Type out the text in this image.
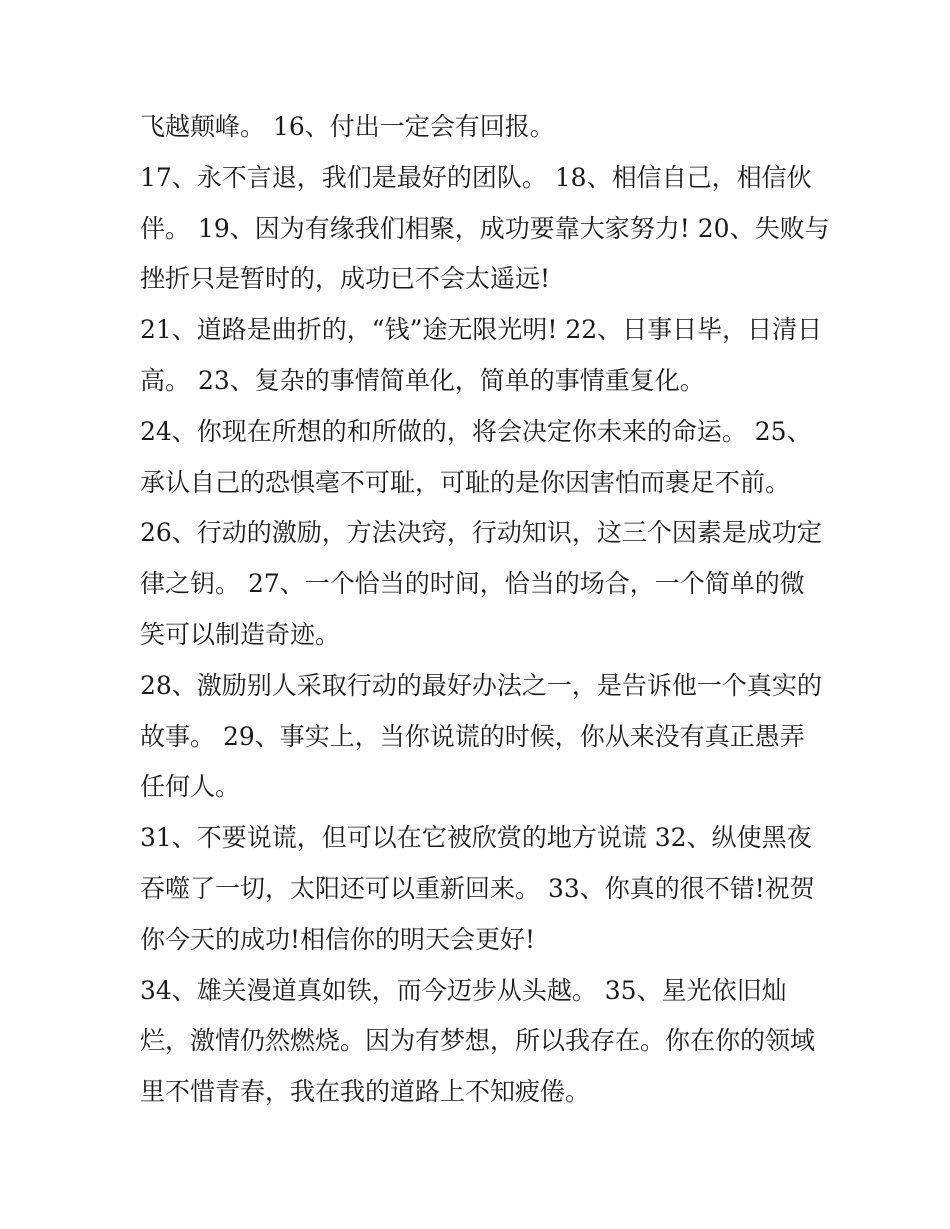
飞越颠峰。 16、付出一定会有回报。
17、永不言退，我们是最好的团队。 18、相信自己，相信伙
伴。 19、因为有缘我们相聚，成功要靠大家努力! 20、失败与
挫折只是暂时的，成功已不会太遥远!
21、道路是曲折的，“钱”途无限光明! 22、日事日毕，日清日
高。 23、复杂的事情简单化，简单的事情重复化。
24、你现在所想的和所做的，将会决定你未来的命运。 25、
承认自己的恐惧毫不可耻，可耻的是你因害怕而裹足不前。
26、行动的激励，方法决窍，行动知识，这三个因素是成功定
律之钥。 27、一个恰当的时间，恰当的场合，一个简单的微
笑可以制造奇迹。
28、激励别人采取行动的最好办法之一，是告诉他一个真实的
故事。 29、事实上，当你说谎的时候，你从来没有真正愚弄
任何人。
31、不要说谎，但可以在它被欣赏的地方说谎 32、纵使黑夜
吞噬了一切，太阳还可以重新回来。 33、你真的很不错!祝贺
你今天的成功!相信你的明天会更好!
34、雄关漫道真如铁，而今迈步从头越。 35、星光依旧灿
烂，激情仍然燃烧。因为有梦想，所以我存在。你在你的领域
里不惜青春，我在我的道路上不知疲倦。
